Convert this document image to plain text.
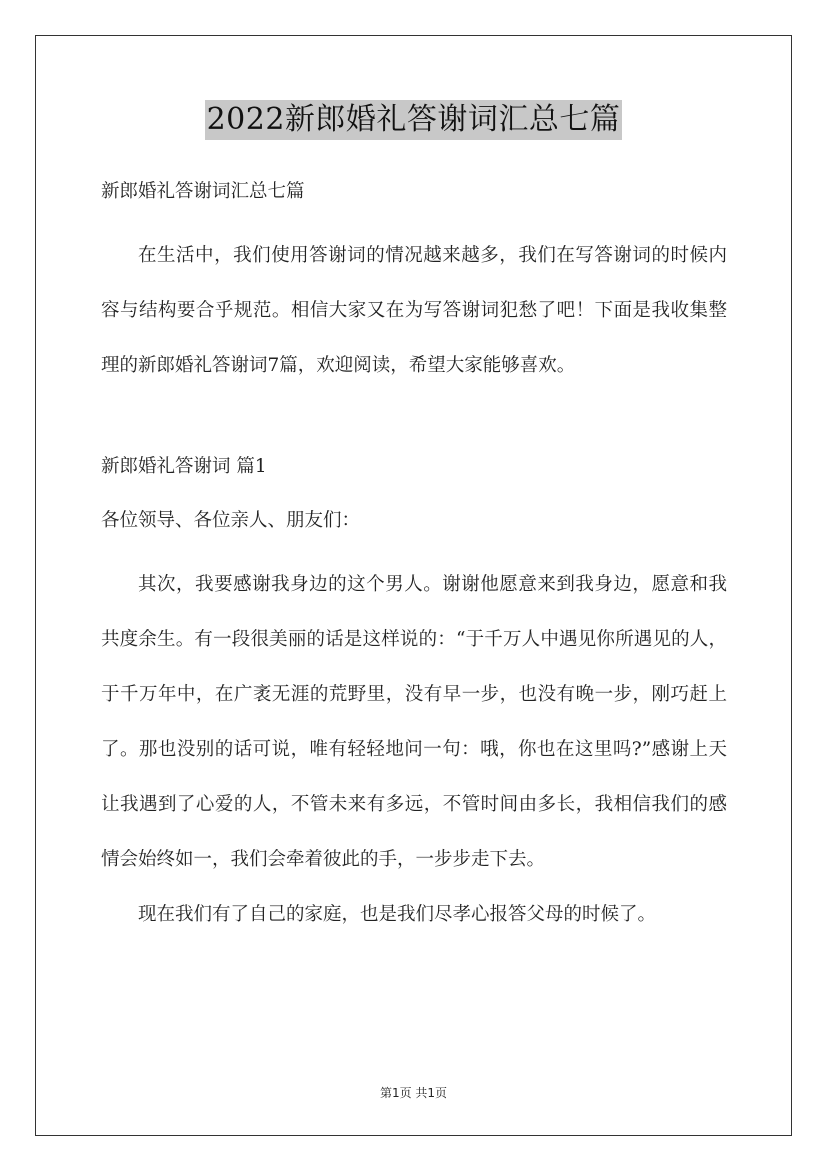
2022新郎婚礼答谢词汇总七篇
新郎婚礼答谢词汇总七篇

在生活中，我们使用答谢词的情况越来越多，我们在写答谢词的时候内容与结构要合乎规范。相信大家又在为写答谢词犯愁了吧！下面是我收集整理的新郎婚礼答谢词7篇，欢迎阅读，希望大家能够喜欢。

新郎婚礼答谢词 篇1
各位领导、各位亲人、朋友们：

其次，我要感谢我身边的这个男人。谢谢他愿意来到我身边，愿意和我共度余生。有一段很美丽的话是这样说的：“于千万人中遇见你所遇见的人，于千万年中，在广袤无涯的荒野里，没有早一步，也没有晚一步，刚巧赶上了。那也没别的话可说，唯有轻轻地问一句：哦，你也在这里吗?”感谢上天让我遇到了心爱的人，不管未来有多远，不管时间由多长，我相信我们的感情会始终如一，我们会牵着彼此的手，一步步走下去。

现在我们有了自己的家庭，也是我们尽孝心报答父母的时候了。

第1页 共1页
